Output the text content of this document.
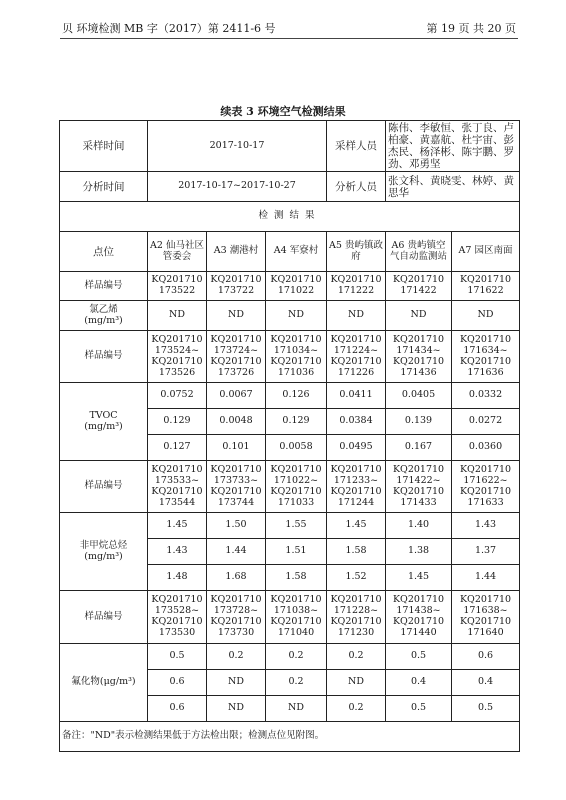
贝 环境检测 MB 字（2017）第 2411-6 号	第 19 页 共 20 页
续表 3 环境空气检测结果
采样时间	2017-10-17			采样人员	陈伟、李敏恒、张丁良、卢柏豪、黄嘉航、杜宇宙、彭杰民、杨泽彬、陈宇鹏、罗劲、邓勇坚	
分析时间	2017-10-17~2017-10-27			分析人员	张文科、黄晓雯、林婷、黄思华	
检测结果						
点位	A2 仙马社区管委会	A3 潮港村	A4 军寮村	A5 贵屿镇政府	A6 贵屿镇空气自动监测站	A7 园区南面
样品编号	KQ201710 173522	KQ201710 173722	KQ201710 171022	KQ201710 171222	KQ201710 171422	KQ201710 171622
氯乙烯
(mg/m³)	ND	ND	ND	ND	ND	ND
样品编号	KQ201710 173524~ KQ201710 173526	KQ201710 173724~ KQ201710 173726	KQ201710 171034~ KQ201710 171036	KQ201710 171224~ KQ201710 171226	KQ201710 171434~ KQ201710 171436	KQ201710 171634~ KQ201710 171636
TVOC
(mg/m³)	0.0752	0.0067	0.126	0.0411	0.0405	0.0332
	0.129	0.0048	0.129	0.0384	0.139	0.0272
	0.127	0.101	0.0058	0.0495	0.167	0.0360
样品编号	KQ201710 173533~ KQ201710 173544	KQ201710 173733~ KQ201710 173744	KQ201710 171022~ KQ201710 171033	KQ201710 171233~ KQ201710 171244	KQ201710 171422~ KQ201710 171433	KQ201710 171622~ KQ201710 171633
非甲烷总烃
(mg/m³)	1.45	1.50	1.55	1.45	1.40	1.43
	1.43	1.44	1.51	1.58	1.38	1.37
	1.48	1.68	1.58	1.52	1.45	1.44
样品编号	KQ201710 173528~ KQ201710 173530	KQ201710 173728~ KQ201710 173730	KQ201710 171038~ KQ201710 171040	KQ201710 171228~ KQ201710 171230	KQ201710 171438~ KQ201710 171440	KQ201710 171638~ KQ201710 171640
氟化物(μg/m³)	0.5	0.2	0.2	0.2	0.5	0.6
	0.6	ND	0.2	ND	0.4	0.4
	0.6	ND	ND	0.2	0.5	0.5
备注："ND"表示检测结果低于方法检出限；检测点位见附图。						
